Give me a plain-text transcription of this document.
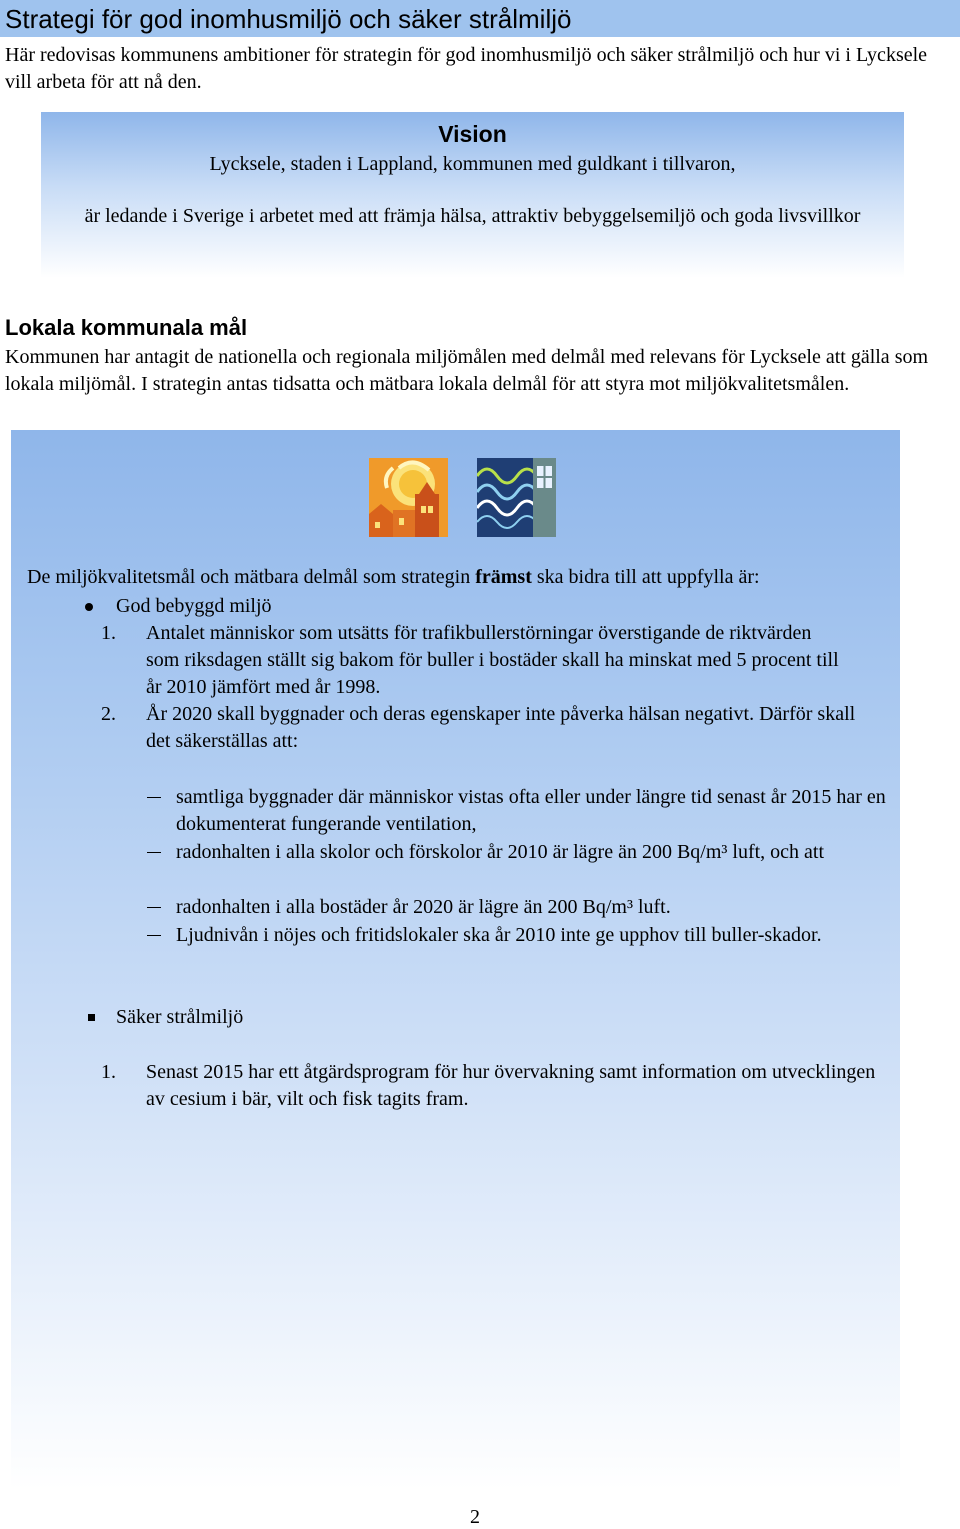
Strategi för god inomhusmiljö och säker strålmiljö

Här redovisas kommunens ambitioner för strategin för god inomhusmiljö och säker strålmiljö och hur vi i Lycksele vill arbeta för att nå den.

Vision

Lycksele, staden i Lappland, kommunen med guldkant i tillvaron,

är ledande i Sverige i arbetet med att främja hälsa, attraktiv bebyggelsemiljö och goda livsvillkor

Lokala kommunala mål

Kommunen har antagit de nationella och regionala miljömålen med delmål med relevans för Lycksele att gälla som lokala miljömål. I strategin antas tidsatta och mätbara lokala delmål för att styra mot miljökvalitetsmålen.

De miljökvalitetsmål och mätbara delmål som strategin främst ska bidra till att uppfylla är:

God bebyggd miljö

1. Antalet människor som utsätts för trafikbullerstörningar överstigande de riktvärden som riksdagen ställt sig bakom för buller i bostäder skall ha minskat med 5 procent till år 2010 jämfört med år 1998.

2. År 2020 skall byggnader och deras egenskaper inte påverka hälsan negativt. Därför skall det säkerställas att:

samtliga byggnader där människor vistas ofta eller under längre tid senast år 2015 har en dokumenterat fungerande ventilation,

radonhalten i alla skolor och förskolor år 2010 är lägre än 200 Bq/m³ luft, och att

radonhalten i alla bostäder år 2020 är lägre än 200 Bq/m³ luft.

Ljudnivån i nöjes och fritidslokaler ska år 2010 inte ge upphov till buller-skador.

Säker strålmiljö

1. Senast 2015 har ett åtgärdsprogram för hur övervakning samt information om utvecklingen av cesium i bär, vilt och fisk tagits fram.

2
